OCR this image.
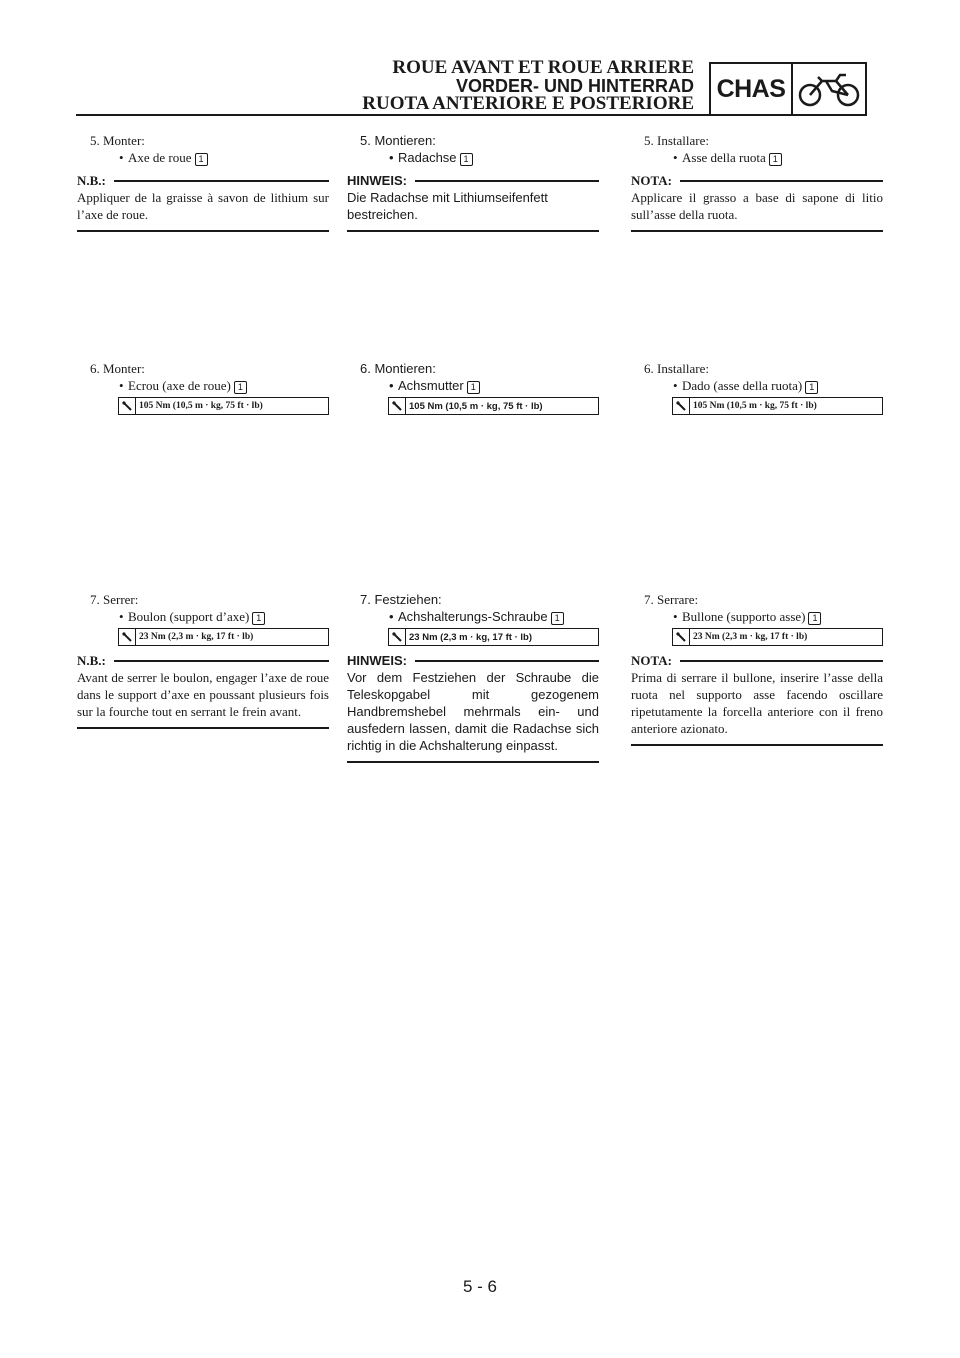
ROUE AVANT ET ROUE ARRIERE
VORDER- UND HINTERRAD
RUOTA ANTERIORE E POSTERIORE
CHAS
5. Monter:
• Axe de roue 1
N.B.:
Appliquer de la graisse à savon de lithium sur l’axe de roue.
6. Monter:
• Ecrou (axe de roue) 1
105 Nm (10,5 m · kg, 75 ft · lb)
7. Serrer:
• Boulon (support d’axe) 1
23 Nm (2,3 m · kg, 17 ft · lb)
N.B.:
Avant de serrer le boulon, engager l’axe de roue dans le support d’axe en poussant plusieurs fois sur la fourche tout en serrant le frein avant.
5. Montieren:
• Radachse 1
HINWEIS:
Die Radachse mit Lithiumseifenfett bestreichen.
6. Montieren:
• Achsmutter 1
105 Nm (10,5 m · kg, 75 ft · lb)
7. Festziehen:
• Achshalterungs-Schraube 1
23 Nm (2,3 m · kg, 17 ft · lb)
HINWEIS:
Vor dem Festziehen der Schraube die Teleskopgabel mit gezogenem Handbremshebel mehrmals ein- und ausfedern lassen, damit die Radachse sich richtig in die Achshalterung einpasst.
5. Installare:
• Asse della ruota 1
NOTA:
Applicare il grasso a base di sapone di litio sull’asse della ruota.
6. Installare:
• Dado (asse della ruota) 1
105 Nm (10,5 m · kg, 75 ft · lb)
7. Serrare:
• Bullone (supporto asse) 1
23 Nm (2,3 m · kg, 17 ft · lb)
NOTA:
Prima di serrare il bullone, inserire l’asse della ruota nel supporto asse facendo oscillare ripetutamente la forcella anteriore con il freno anteriore azionato.
5 - 6
